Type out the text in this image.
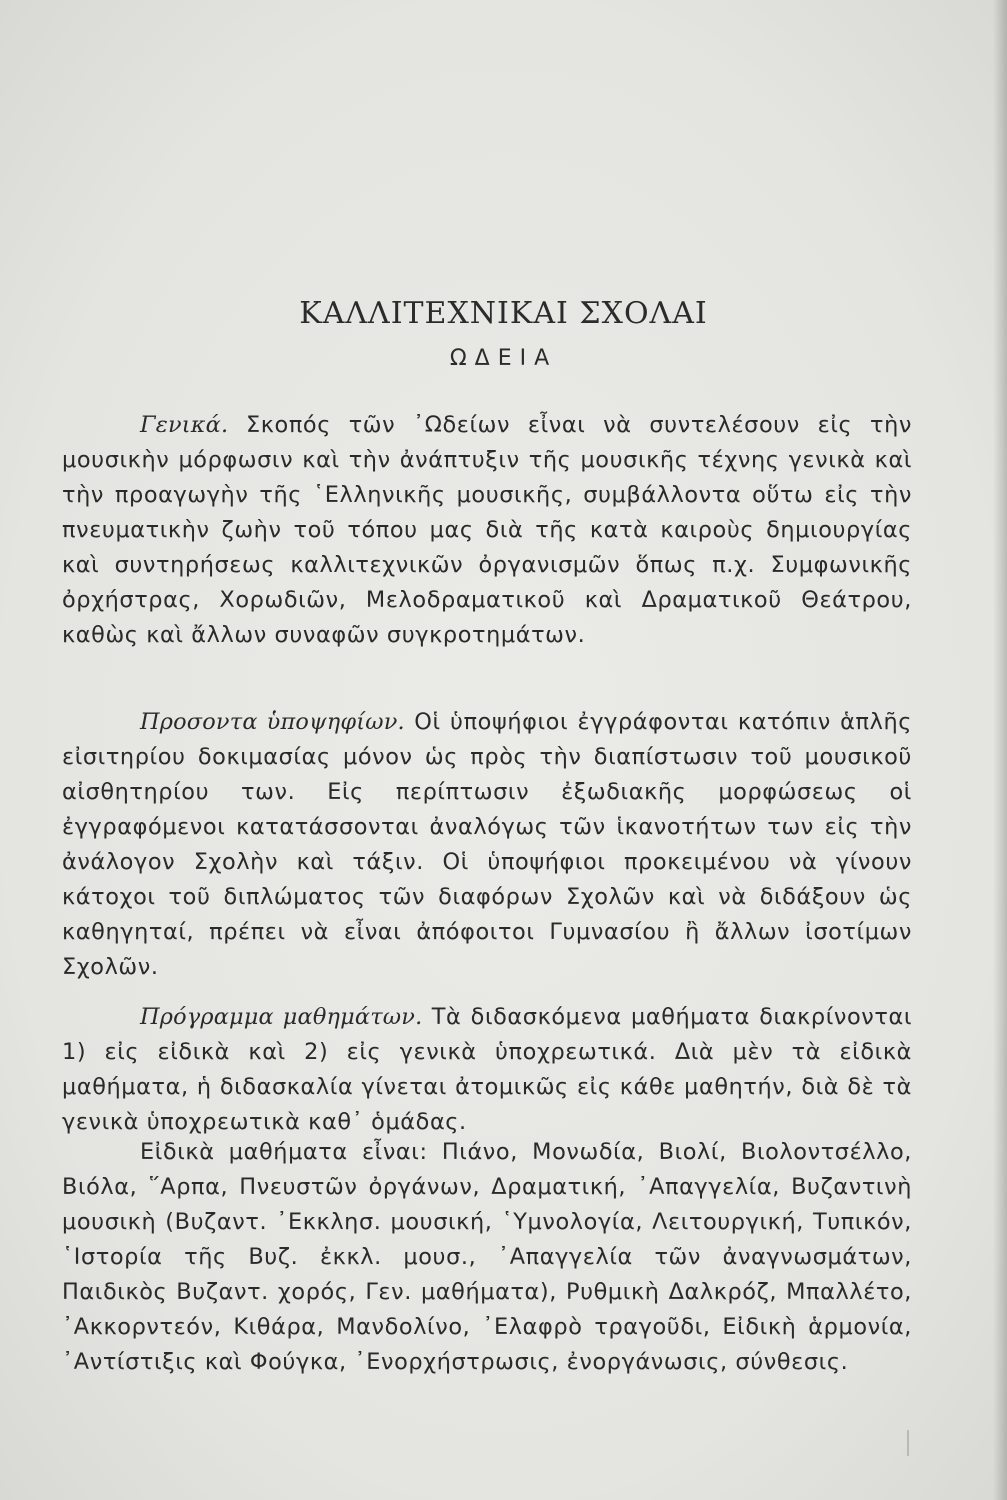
ΚΑΛΛΙΤΕΧΝΙΚΑΙ ΣΧΟΛΑΙ
ΩΔΕΙΑ

Γενικά. Σκοπός τῶν ᾿Ωδείων εἶναι νὰ συντελέσουν εἰς τὴν μουσικὴν μόρφωσιν καὶ τὴν ἀνάπτυξιν τῆς μουσικῆς τέχνης γενικὰ καὶ τὴν προαγωγὴν τῆς ῾Ελληνικῆς μουσικῆς, συμβάλλοντα οὕτω εἰς τὴν πνευματικὴν ζωὴν τοῦ τόπου μας διὰ τῆς κατὰ καιροὺς δημιουργίας καὶ συντηρήσεως καλλιτεχνικῶν ὀργανισμῶν ὅπως π.χ. Συμφωνικῆς ὀρχήστρας, Χορωδιῶν, Μελοδραματικοῦ καὶ Δραματικοῦ Θεάτρου, καθὼς καὶ ἄλλων συναφῶν συγκροτημάτων.

Προσοντα ὑποψηφίων. Οἱ ὑποψήφιοι ἐγγράφονται κατόπιν ἁπλῆς εἰσιτηρίου δοκιμασίας μόνον ὡς πρὸς τὴν διαπίστωσιν τοῦ μουσικοῦ αἰσθητηρίου των. Εἰς περίπτωσιν ἐξωδιακῆς μορφώσεως οἱ ἐγγραφόμενοι κατατάσσονται ἀναλόγως τῶν ἱκανοτήτων των εἰς τὴν ἀνάλογον Σχολὴν καὶ τάξιν. Οἱ ὑποψήφιοι προκειμένου νὰ γίνουν κάτοχοι τοῦ διπλώματος τῶν διαφόρων Σχολῶν καὶ νὰ διδάξουν ὡς καθηγηταί, πρέπει νὰ εἶναι ἀπόφοιτοι Γυμνασίου ἢ ἄλλων ἰσοτίμων Σχολῶν.

Πρόγραμμα μαθημάτων. Τὰ διδασκόμενα μαθήματα διακρίνονται 1) εἰς εἰδικὰ καὶ 2) εἰς γενικὰ ὑποχρεωτικά. Διὰ μὲν τὰ εἰδικὰ μαθήματα, ἡ διδασκαλία γίνεται ἀτομικῶς εἰς κάθε μαθητήν, διὰ δὲ τὰ γενικὰ ὑποχρεωτικὰ καθ᾿ ὁμάδας.

Εἰδικὰ μαθήματα εἶναι: Πιάνο, Μονωδία, Βιολί, Βιολοντσέλλο, Βιόλα, ῞Αρπα, Πνευστῶν ὀργάνων, Δραματική, ᾿Απαγγελία, Βυζαντινὴ μουσικὴ (Βυζαντ. ᾿Εκκλησ. μουσική, ῾Υμνολογία, Λειτουργική, Τυπικόν, ῾Ιστορία τῆς Βυζ. ἐκκλ. μουσ., ᾿Απαγγελία τῶν ἀναγνωσμάτων, Παιδικὸς Βυζαντ. χορός, Γεν. μαθήματα), Ρυθμικὴ Δαλκρόζ, Μπαλλέτο, ᾿Ακκορντεόν, Κιθάρα, Μανδολίνο, ᾿Ελαφρὸ τραγοῦδι, Εἰδικὴ ἁρμονία, ᾿Αντίστιξις καὶ Φούγκα, ᾿Ενορχήστρωσις, ἐνοργάνωσις, σύνθεσις.
